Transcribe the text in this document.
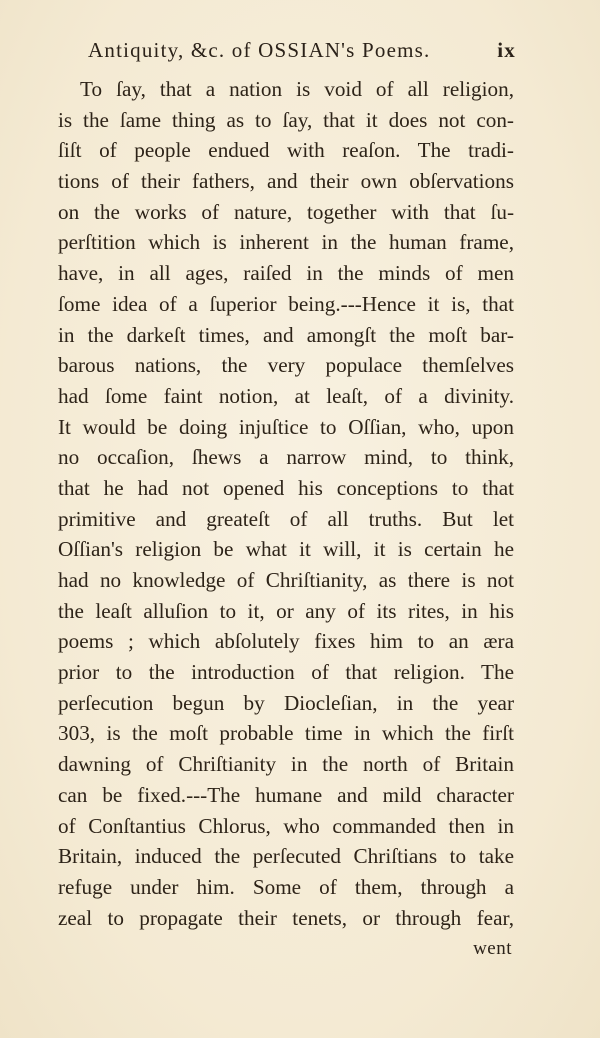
Antiquity, &c. of OSSIAN's Poems.	ix
To ſay, that a nation is void of all religion,
is the ſame thing as to ſay, that it does not con-
ſiſt of people endued with reaſon. The tradi-
tions of their fathers, and their own obſervations
on the works of nature, together with that ſu-
perſtition which is inherent in the human frame,
have, in all ages, raiſed in the minds of men
ſome idea of a ſuperior being.---Hence it is, that
in the darkeſt times, and amongſt the moſt bar-
barous nations, the very populace themſelves
had ſome faint notion, at leaſt, of a divinity.
It would be doing injuſtice to Oſſian, who, upon
no occaſion, ſhews a narrow mind, to think,
that he had not opened his conceptions to that
primitive and greateſt of all truths. But let
Oſſian's religion be what it will, it is certain he
had no knowledge of Chriſtianity, as there is not
the leaſt alluſion to it, or any of its rites, in his
poems ; which abſolutely fixes him to an æra
prior to the introduction of that religion. The
perſecution begun by Diocleſian, in the year
303, is the moſt probable time in which the firſt
dawning of Chriſtianity in the north of Britain
can be fixed.---The humane and mild character
of Conſtantius Chlorus, who commanded then in
Britain, induced the perſecuted Chriſtians to take
refuge under him. Some of them, through a
zeal to propagate their tenets, or through fear,
went
